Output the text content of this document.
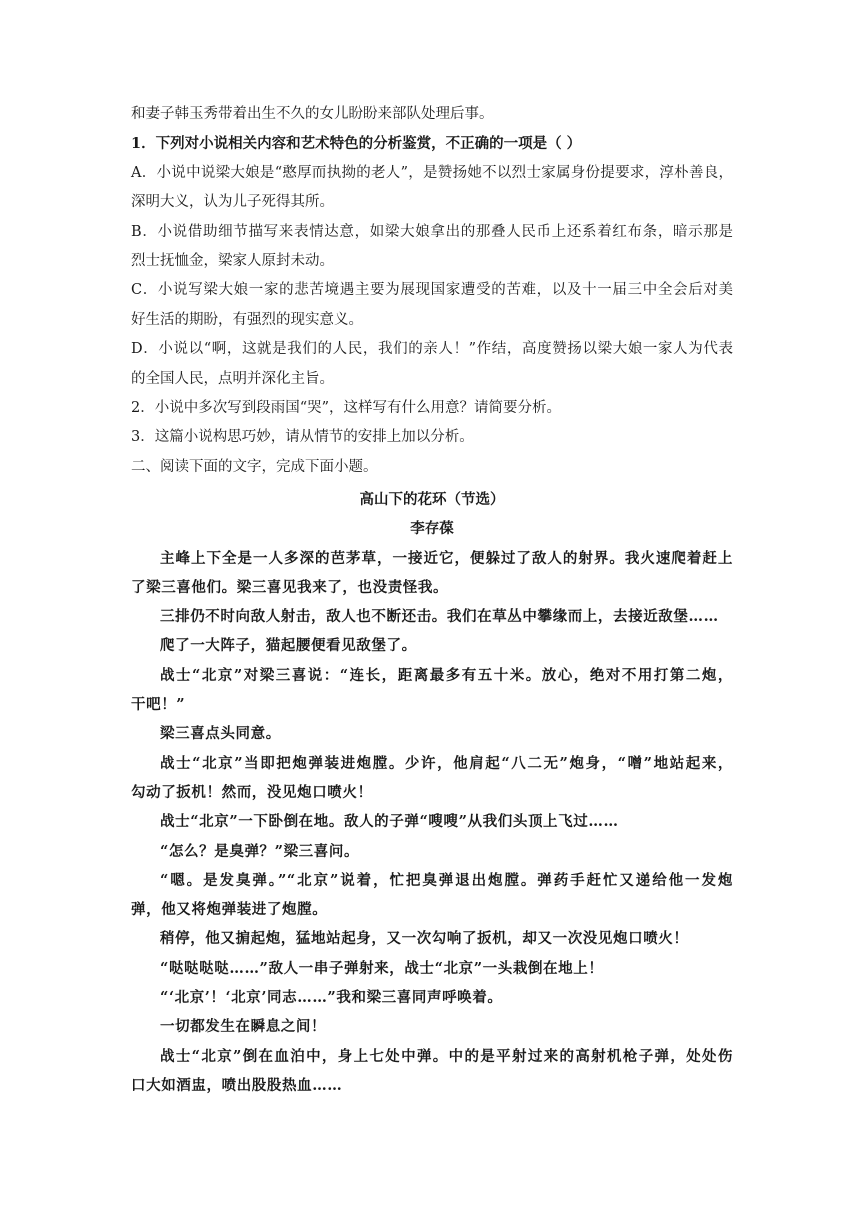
和妻子韩玉秀带着出生不久的女儿盼盼来部队处理后事。
1．下列对小说相关内容和艺术特色的分析鉴赏，不正确的一项是（ ）
A．小说中说梁大娘是“憨厚而执拗的老人”，是赞扬她不以烈士家属身份提要求，淳朴善良，
深明大义，认为儿子死得其所。
B．小说借助细节描写来表情达意，如梁大娘拿出的那叠人民币上还系着红布条，暗示那是
烈士抚恤金，梁家人原封未动。
C．小说写梁大娘一家的悲苦境遇主要为展现国家遭受的苦难，以及十一届三中全会后对美
好生活的期盼，有强烈的现实意义。
D．小说以“啊，这就是我们的人民，我们的亲人！”作结，高度赞扬以梁大娘一家人为代表
的全国人民，点明并深化主旨。
2．小说中多次写到段雨国“哭”，这样写有什么用意？请简要分析。
3．这篇小说构思巧妙，请从情节的安排上加以分析。
二、阅读下面的文字，完成下面小题。
高山下的花环（节选）
李存葆
主峰上下全是一人多深的芭茅草，一接近它，便躲过了敌人的射界。我火速爬着赶上
了梁三喜他们。梁三喜见我来了，也没责怪我。
三排仍不时向敌人射击，敌人也不断还击。我们在草丛中攀缘而上，去接近敌堡……
爬了一大阵子，猫起腰便看见敌堡了。
战士“北京”对梁三喜说：“连长，距离最多有五十米。放心，绝对不用打第二炮，
干吧！”
梁三喜点头同意。
战士“北京”当即把炮弹装进炮膛。少许，他肩起“八二无”炮身，“噌”地站起来，
勾动了扳机！然而，没见炮口喷火！
战士“北京”一下卧倒在地。敌人的子弹“嗖嗖”从我们头顶上飞过……
“怎么？是臭弹？”梁三喜问。
“嗯。是发臭弹。”“北京”说着，忙把臭弹退出炮膛。弹药手赶忙又递给他一发炮
弹，他又将炮弹装进了炮膛。
稍停，他又掮起炮，猛地站起身，又一次勾响了扳机，却又一次没见炮口喷火！
“哒哒哒哒……”敌人一串子弹射来，战士“北京”一头栽倒在地上！
“‘北京’！‘北京’同志……”我和梁三喜同声呼唤着。
一切都发生在瞬息之间！
战士“北京”倒在血泊中，身上七处中弹。中的是平射过来的高射机枪子弹，处处伤
口大如酒盅，喷出股股热血……
